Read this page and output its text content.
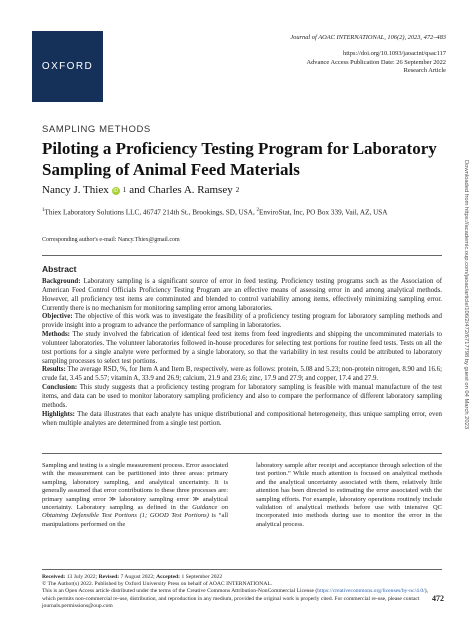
OXFORD
Journal of AOAC INTERNATIONAL, 106(2), 2023, 472–483
https://doi.org/10.1093/jaoacint/qsac117
Advance Access Publication Date: 26 September 2022
Research Article
SAMPLING METHODS
Piloting a Proficiency Testing Program for Laboratory Sampling of Animal Feed Materials
Nancy J. Thiex iD 1 and Charles A. Ramsey 2
$^1$Thiex Laboratory Solutions LLC, 46747 214th St., Brookings, SD, USA, $^2$EnviroStat, Inc, PO Box 339, Vail, AZ, USA
Corresponding author's e-mail: Nancy.Thiex@gmail.com
Abstract

Background: Laboratory sampling is a significant source of error in feed testing. Proficiency testing programs such as the Association of American Feed Control Officials Proficiency Testing Program are an effective means of assessing error in and among analytical methods. However, all proficiency test items are comminuted and blended to control variability among items, effectively minimizing sampling error. Currently there is no mechanism for monitoring sampling error among laboratories.

Objective: The objective of this work was to investigate the feasibility of a proficiency testing program for laboratory sampling methods and provide insight into a program to advance the performance of sampling in laboratories.

Methods: The study involved the fabrication of identical feed test items from feed ingredients and shipping the uncomminuted materials to volunteer laboratories. The volunteer laboratories followed in-house procedures for selecting test portions for routine feed tests. Tests on all the test portions for a single analyte were performed by a single laboratory, so that the variability in test results could be attributed to laboratory sampling processes to select test portions.

Results: The average RSD, %, for Item A and Item B, respectively, were as follows: protein, 5.08 and 5.23; non-protein nitrogen, 8.90 and 16.6; crude fat, 3.45 and 5.57; vitamin A, 33.9 and 26.9; calcium, 21.9 and 23.6; zinc, 17.9 and 27.9; and copper, 17.4 and 27.9.

Conclusion: This study suggests that a proficiency testing program for laboratory sampling is feasible with manual manufacture of the test items, and data can be used to monitor laboratory sampling proficiency and also to compare the performance of different laboratory sampling methods.

Highlights: The data illustrates that each analyte has unique distributional and compositional heterogeneity, thus unique sampling error, even when multiple analytes are determined from a single test portion.

Sampling and testing is a single measurement process. Error associated with the measurement can be partitioned into three areas: primary sampling, laboratory sampling, and analytical uncertainty. It is generally assumed that error contributions to these three processes are: primary sampling error ≫ laboratory sampling error ≫ analytical uncertainty. Laboratory sampling as defined in the Guidance on Obtaining Defensible Test Portions (1; GOOD Test Portions) is “all manipulations performed on the

laboratory sample after receipt and acceptance through selection of the test portion.” While much attention is focused on analytical methods and the analytical uncertainty associated with them, relatively little attention has been directed to estimating the error associated with the sampling efforts. For example, laboratory operations routinely include validation of analytical methods before use with intensive QC incorporated into methods during use to monitor the error in the analytical process.

Received: 13 July 2022; Revised: 7 August 2022; Accepted: 1 September 2022

© The Author(s) 2022. Published by Oxford University Press on behalf of AOAC INTERNATIONAL.

This is an Open Access article distributed under the terms of the Creative Commons Attribution-NonCommercial License (https://creativecommons.org/licenses/by-nc/4.0/), which permits non-commercial re-use, distribution, and reproduction in any medium, provided the original work is properly cited. For commercial re-use, please contact journals.permissions@oup.com

472
Downloaded from https://academic.oup.com/jaoac/article/106/2/472/6717798 by guest on 04 March 2023
